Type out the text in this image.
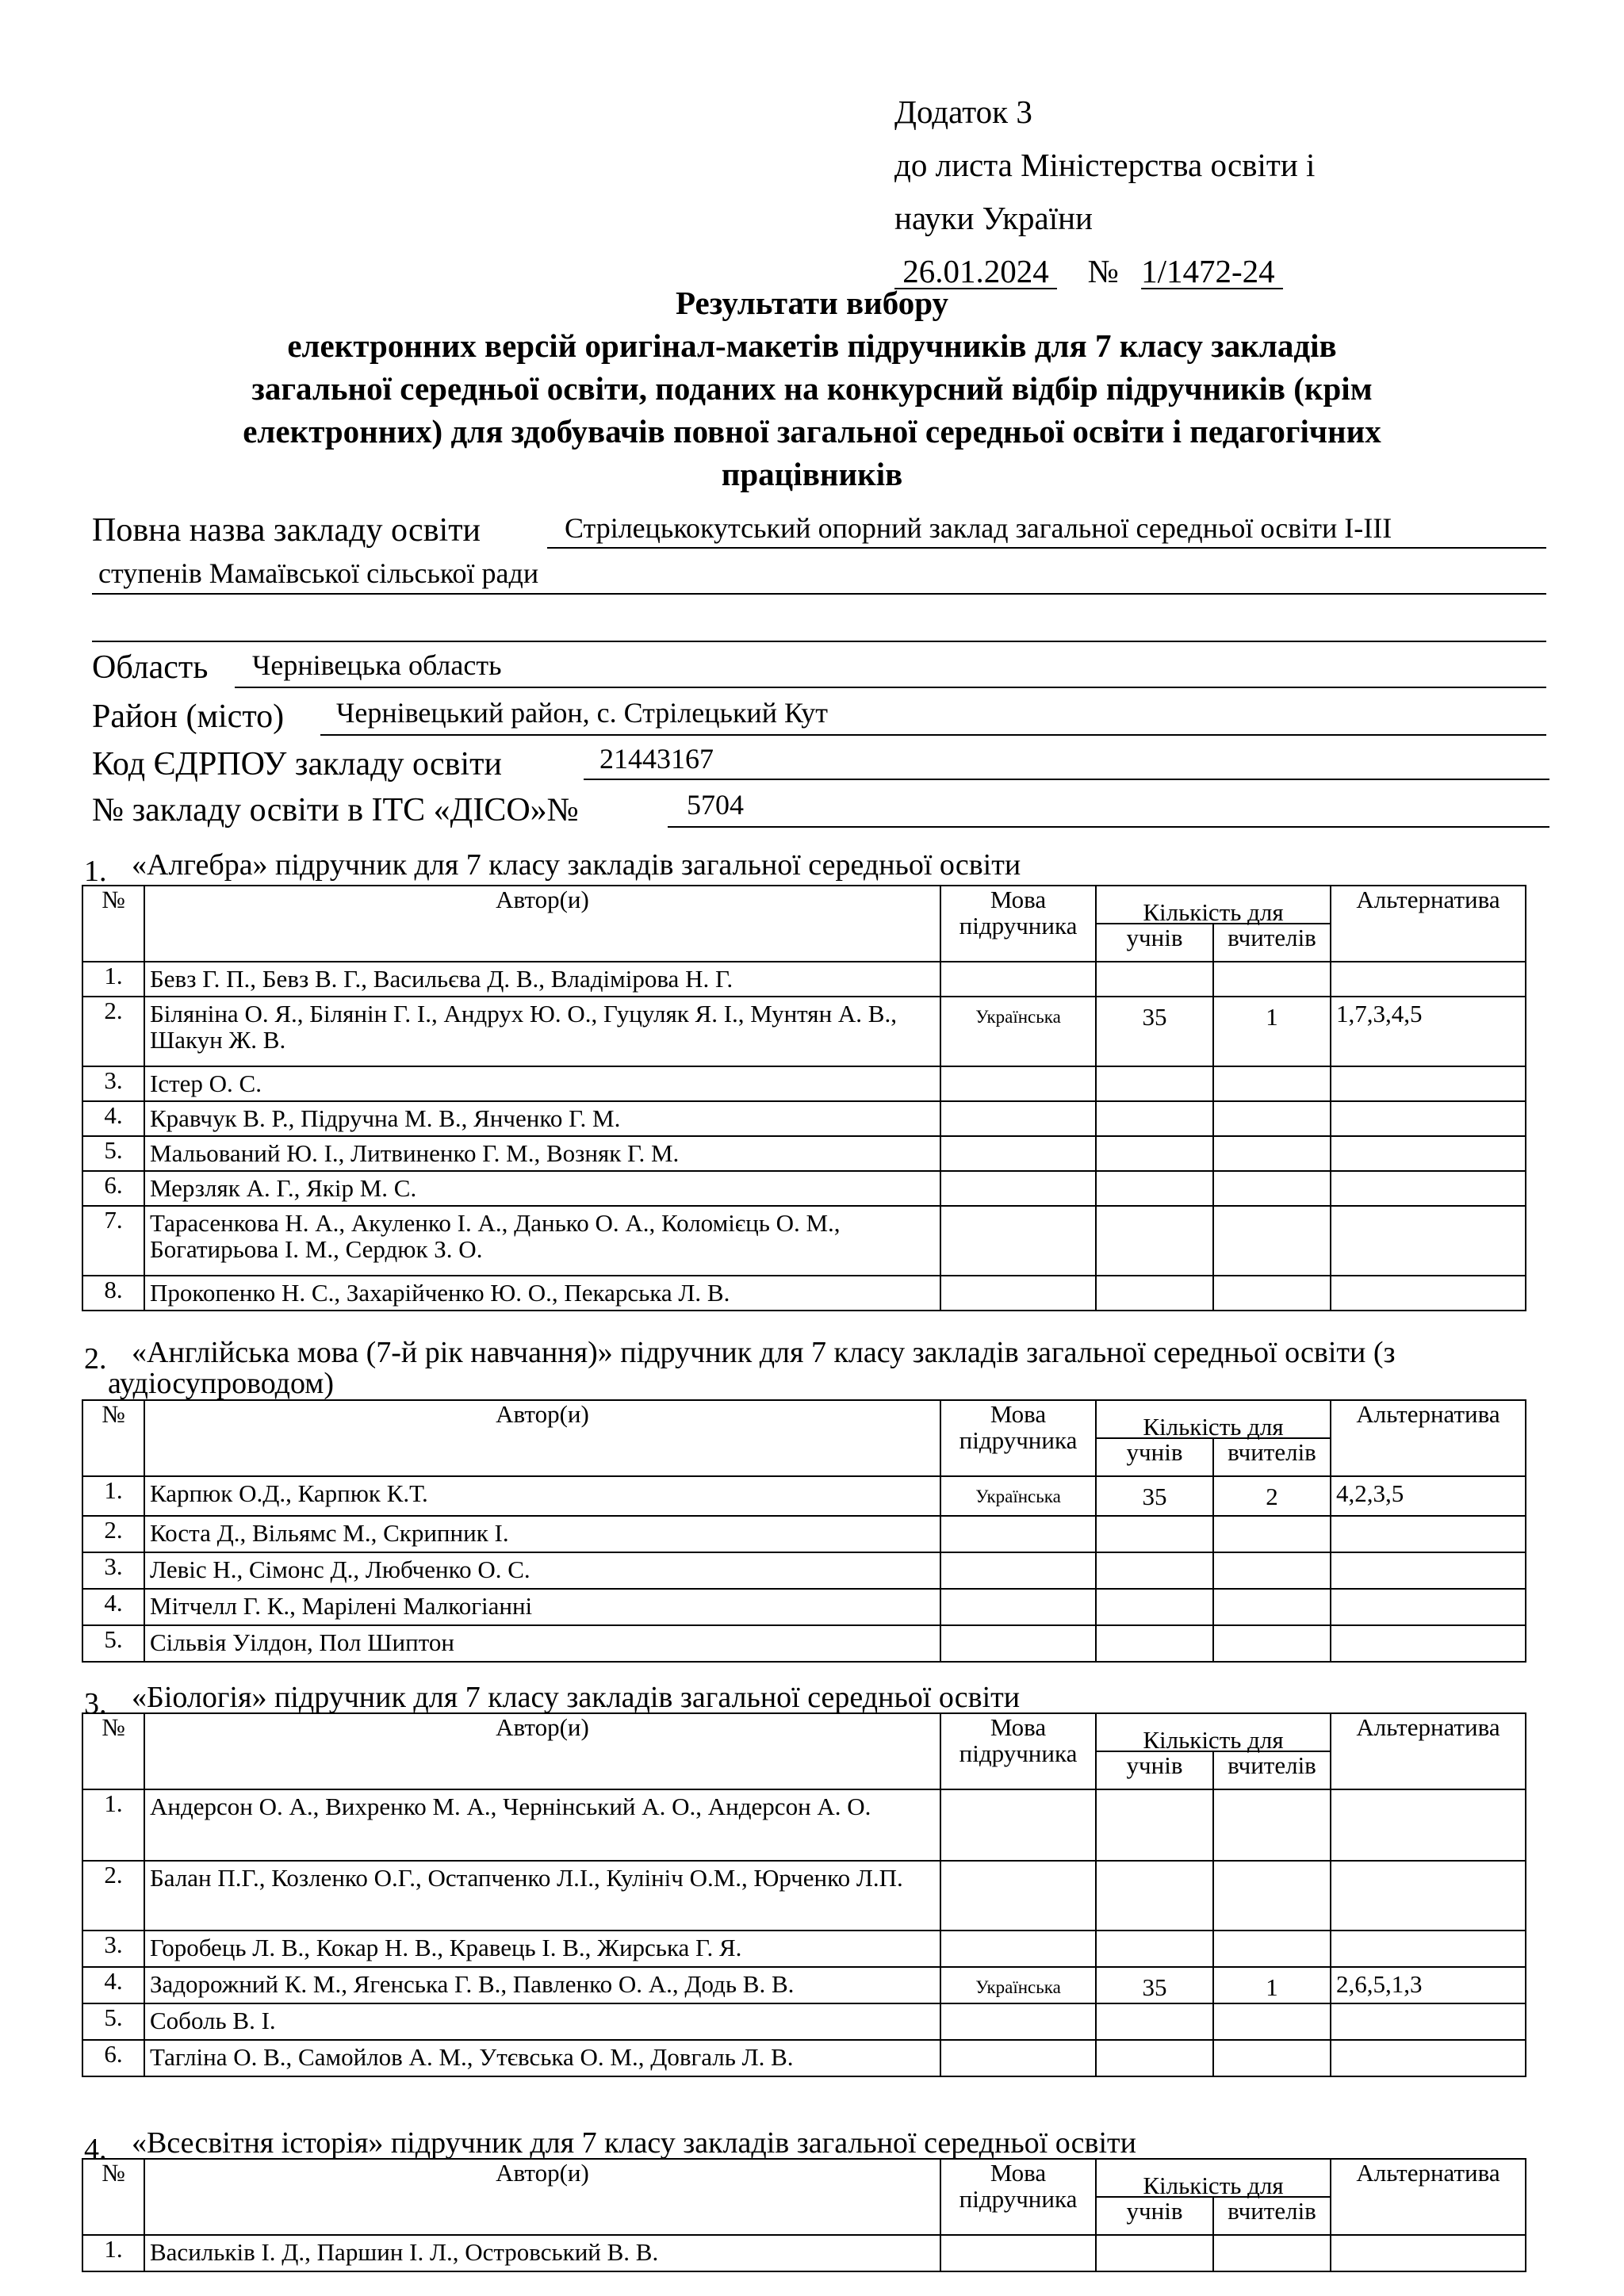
Додаток 3
до листа Міністерства освіти і
науки України
26.01.2024   № 1/1472-24
Результати вибору
електронних версій оригінал-макетів підручників для 7 класу закладів
загальної середньої освіти, поданих на конкурсний відбір підручників (крім
електронних) для здобувачів повної загальної середньої освіти і педагогічних
працівників
Повна назва закладу освіти	Стрілецькокутський опорний заклад загальної середньої освіти І-ІІІ
ступенів Мамаївської сільської ради
Область Чернівецька область
Район (місто) Чернівецький район, с. Стрілецький Кут
Код ЄДРПОУ закладу освіти	21443167
№ закладу освіти в ІТС «ДІСО»№	5704
1. «Алгебра» підручник для 7 класу закладів загальної середньої освіти
2. «Англійська мова (7-й рік навчання)» підручник для 7 класу закладів загальної середньої освіти (з
аудіосупроводом)
3. «Біологія» підручник для 7 класу закладів загальної середньої освіти
4. «Всесвітня історія» підручник для 7 класу закладів загальної середньої освіти
№	Автор(и)	Мова
підручника	Кількість для		Альтернатива
			учнів	вчителів	
1.	Бевз Г. П., Бевз В. Г., Васильєва Д. В., Владімірова Н. Г.				
2.	Біляніна О. Я., Білянін Г. І., Андрух Ю. О., Гуцуляк Я. І., Мунтян А. В., Шакун Ж. В.	Українська	35	1	1,7,3,4,5
3.	Істер О. С.				
4.	Кравчук В. Р., Підручна М. В., Янченко Г. М.				
5.	Мальований Ю. І., Литвиненко Г. М., Возняк Г. М.				
6.	Мерзляк А. Г., Якір М. С.				
7.	Тарасенкова Н. А., Акуленко І. А., Данько О. А., Коломієць О. М., Богатирьова І. М., Сердюк З. О.				
8.	Прокопенко Н. С., Захарійченко Ю. О., Пекарська Л. В.				
№	Автор(и)	Мова
підручника	Кількість для		Альтернатива
			учнів	вчителів	
1.	Карпюк О.Д., Карпюк К.Т.	Українська	35	2	4,2,3,5
2.	Коста Д., Вільямс М., Скрипник І.				
3.	Левіс Н., Сімонс Д., Любченко О. С.				
4.	Мітчелл Г. К., Марілені Малкогіанні				
5.	Сільвія Уілдон, Пол Шиптон				
№	Автор(и)	Мова
підручника	Кількість для		Альтернатива
			учнів	вчителів	
1.	Андерсон О. А., Вихренко М. А., Чернінський А. О., Андерсон А. О.				
2.	Балан П.Г., Козленко О.Г., Остапченко Л.І., Кулініч О.М., Юрченко Л.П.				
3.	Горобець Л. В., Кокар Н. В., Кравець І. В., Жирська Г. Я.				
4.	Задорожний К. М., Ягенська Г. В., Павленко О. А., Додь В. В.	Українська	35	1	2,6,5,1,3
5.	Соболь В. І.				
6.	Тагліна О. В., Самойлов А. М., Утєвська О. М., Довгаль Л. В.				
№	Автор(и)	Мова
підручника	Кількість для		Альтернатива
			учнів	вчителів	
1.	Васильків І. Д., Паршин І. Л., Островський В. В.				
